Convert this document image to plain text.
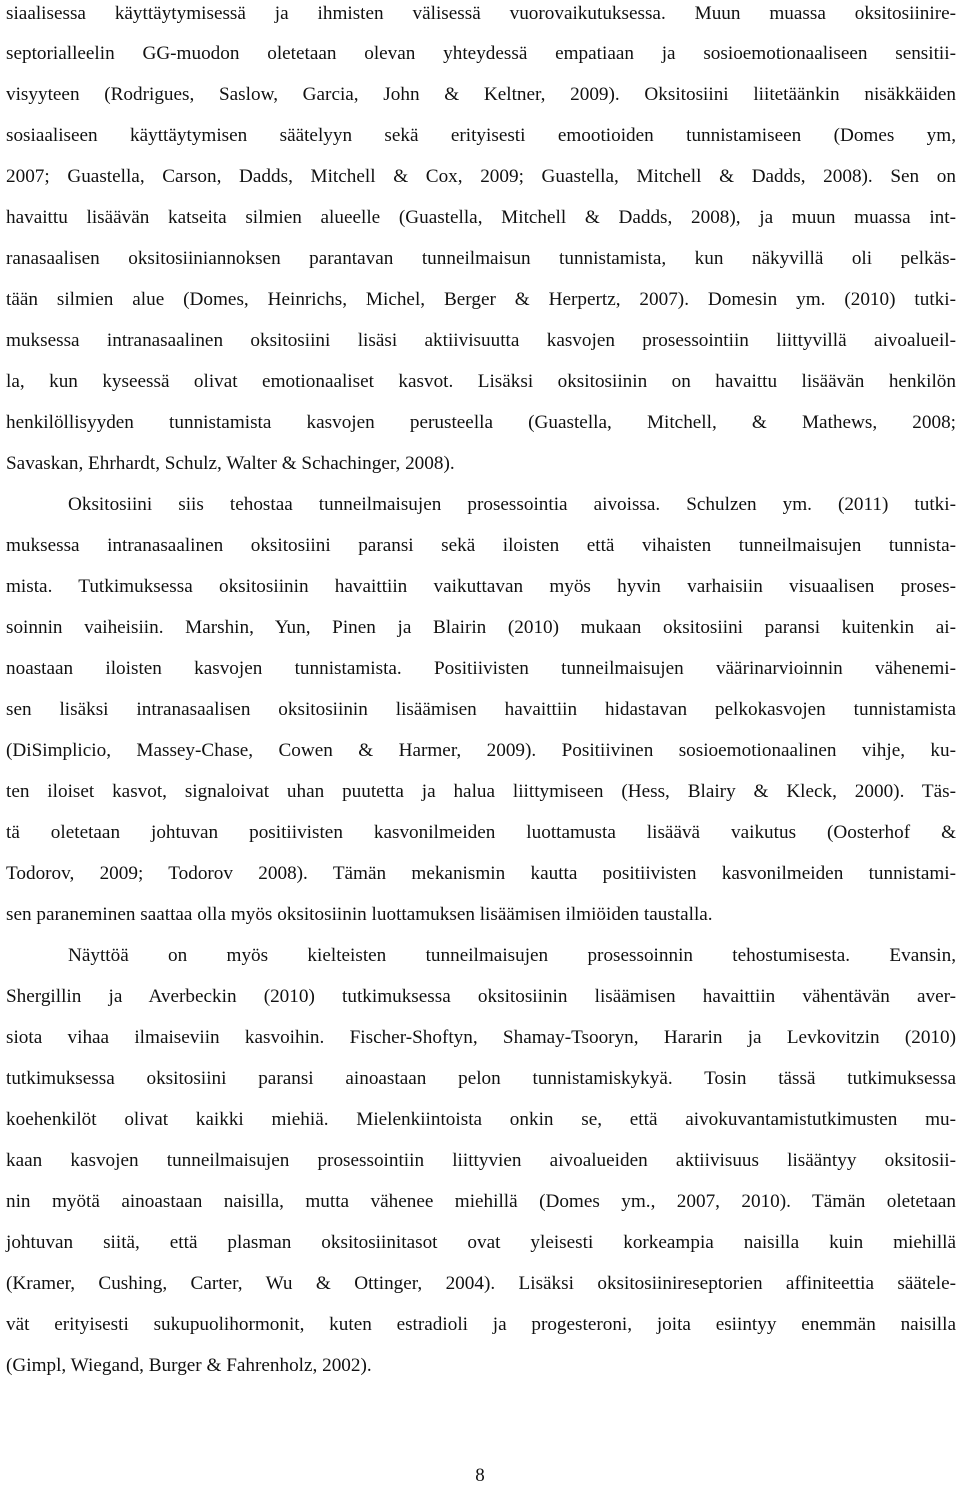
siaalisessa käyttäytymisessä ja ihmisten välisessä vuorovaikutuksessa. Muun muassa oksitosiinire-
septorialleelin GG-muodon oletetaan olevan yhteydessä empatiaan ja sosioemotionaaliseen sensitii-
visyyteen (Rodrigues, Saslow, Garcia, John & Keltner, 2009). Oksitosiini liitetäänkin nisäkkäiden
sosiaaliseen käyttäytymisen säätelyyn sekä erityisesti emootioiden tunnistamiseen (Domes ym,
2007; Guastella, Carson, Dadds, Mitchell & Cox, 2009; Guastella, Mitchell & Dadds, 2008). Sen on
havaittu lisäävän katseita silmien alueelle (Guastella, Mitchell & Dadds, 2008), ja muun muassa int-
ranasaalisen oksitosiiniannoksen parantavan tunneilmaisun tunnistamista, kun näkyvillä oli pelkäs-
tään silmien alue (Domes, Heinrichs, Michel, Berger & Herpertz, 2007). Domesin ym. (2010) tutki-
muksessa intranasaalinen oksitosiini lisäsi aktiivisuutta kasvojen prosessointiin liittyvillä aivoalueil-
la, kun kyseessä olivat emotionaaliset kasvot. Lisäksi oksitosiinin on havaittu lisäävän henkilön
henkilöllisyyden tunnistamista kasvojen perusteella (Guastella, Mitchell, & Mathews, 2008;
Savaskan, Ehrhardt, Schulz, Walter & Schachinger, 2008).
Oksitosiini siis tehostaa tunneilmaisujen prosessointia aivoissa. Schulzen ym. (2011) tutki-
muksessa intranasaalinen oksitosiini paransi sekä iloisten että vihaisten tunneilmaisujen tunnista-
mista. Tutkimuksessa oksitosiinin havaittiin vaikuttavan myös hyvin varhaisiin visuaalisen proses-
soinnin vaiheisiin. Marshin, Yun, Pinen ja Blairin (2010) mukaan oksitosiini paransi kuitenkin ai-
noastaan iloisten kasvojen tunnistamista. Positiivisten tunneilmaisujen väärinarvioinnin vähenemi-
sen lisäksi intranasaalisen oksitosiinin lisäämisen havaittiin hidastavan pelkokasvojen tunnistamista
(DiSimplicio, Massey-Chase, Cowen & Harmer, 2009). Positiivinen sosioemotionaalinen vihje, ku-
ten iloiset kasvot, signaloivat uhan puutetta ja halua liittymiseen (Hess, Blairy & Kleck, 2000). Täs-
tä oletetaan johtuvan positiivisten kasvonilmeiden luottamusta lisäävä vaikutus (Oosterhof &
Todorov, 2009; Todorov 2008). Tämän mekanismin kautta positiivisten kasvonilmeiden tunnistami-
sen paraneminen saattaa olla myös oksitosiinin luottamuksen lisäämisen ilmiöiden taustalla.
Näyttöä on myös kielteisten tunneilmaisujen prosessoinnin tehostumisesta. Evansin,
Shergillin ja Averbeckin (2010) tutkimuksessa oksitosiinin lisäämisen havaittiin vähentävän aver-
siota vihaa ilmaiseviin kasvoihin. Fischer-Shoftyn, Shamay-Tsooryn, Hararin ja Levkovitzin (2010)
tutkimuksessa oksitosiini paransi ainoastaan pelon tunnistamiskykyä. Tosin tässä tutkimuksessa
koehenkilöt olivat kaikki miehiä. Mielenkiintoista onkin se, että aivokuvantamistutkimusten mu-
kaan kasvojen tunneilmaisujen prosessointiin liittyvien aivoalueiden aktiivisuus lisääntyy oksitosii-
nin myötä ainoastaan naisilla, mutta vähenee miehillä (Domes ym., 2007, 2010). Tämän oletetaan
johtuvan siitä, että plasman oksitosiinitasot ovat yleisesti korkeampia naisilla kuin miehillä
(Kramer, Cushing, Carter, Wu & Ottinger, 2004). Lisäksi oksitosiinireseptorien affiniteettia säätele-
vät erityisesti sukupuolihormonit, kuten estradioli ja progesteroni, joita esiintyy enemmän naisilla
(Gimpl, Wiegand, Burger & Fahrenholz, 2002).
8
